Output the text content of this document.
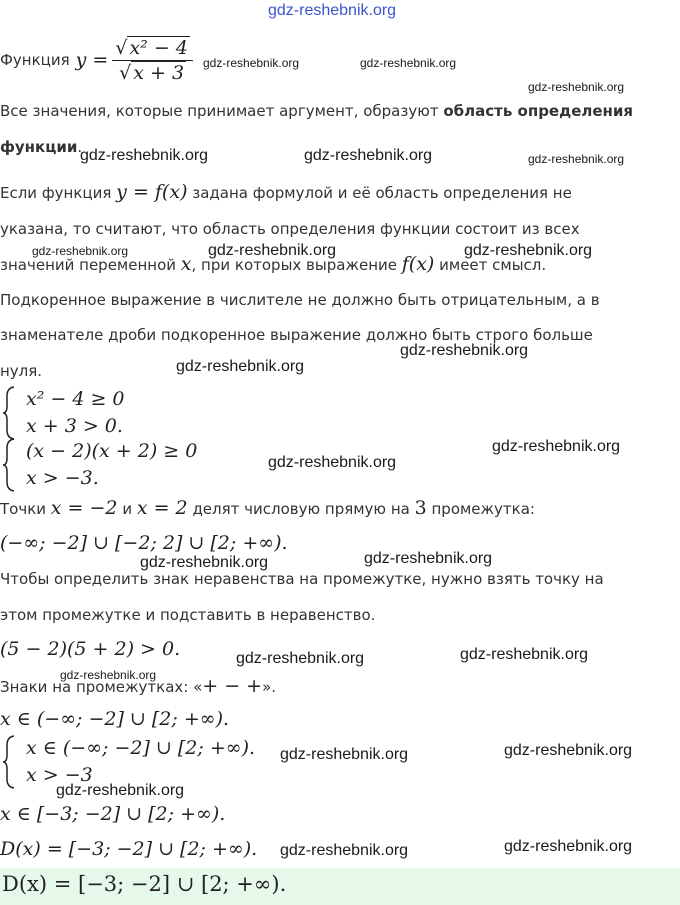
gdz-reshebnik.org
Функция $y = \frac{\text{√ x² − 4}}{√ x + 3}$
Все значения, которые принимает аргумент, образуют область определения
функции.
Если функция y = f(x) задана формулой и её область определения не
указана, то считают, что область определения функции состоит из всех
значений переменной x, при которых выражение f(x) имеет смысл.
Подкоренное выражение в числителе не должно быть отрицательным, а в
знаменателе дроби подкоренное выражение должно быть строго больше
нуля.
x² − 4 ≥ 0
x + 3 > 0.
(x − 2)(x + 2) ≥ 0
x > −3.
Точки x = −2 и x = 2 делят числовую прямую на 3 промежутка:
(−∞; −2] ∪ [−2; 2] ∪ [2; +∞).
Чтобы определить знак неравенства на промежутке, нужно взять точку на
этом промежутке и подставить в неравенство.
(5 − 2)(5 + 2) > 0.
Знаки на промежутках: «+ − +».
x ∈ (−∞; −2] ∪ [2; +∞).
x ∈ (−∞; −2] ∪ [2; +∞).
x > −3
x ∈ [−3; −2] ∪ [2; +∞).
D(x) = [−3; −2] ∪ [2; +∞).
D(x) = [−3; −2] ∪ [2; +∞).
gdz-reshebnik.org	gdz-reshebnik.org
gdz-reshebnik.org
gdz-reshebnik.org	gdz-reshebnik.org	gdz-reshebnik.org
gdz-reshebnik.org	gdz-reshebnik.org	gdz-reshebnik.org
gdz-reshebnik.org
gdz-reshebnik.org
gdz-reshebnik.org
gdz-reshebnik.org
gdz-reshebnik.org
gdz-reshebnik.org
gdz-reshebnik.org	gdz-reshebnik.org
gdz-reshebnik.org
gdz-reshebnik.org	gdz-reshebnik.org
gdz-reshebnik.org
gdz-reshebnik.org	gdz-reshebnik.org
